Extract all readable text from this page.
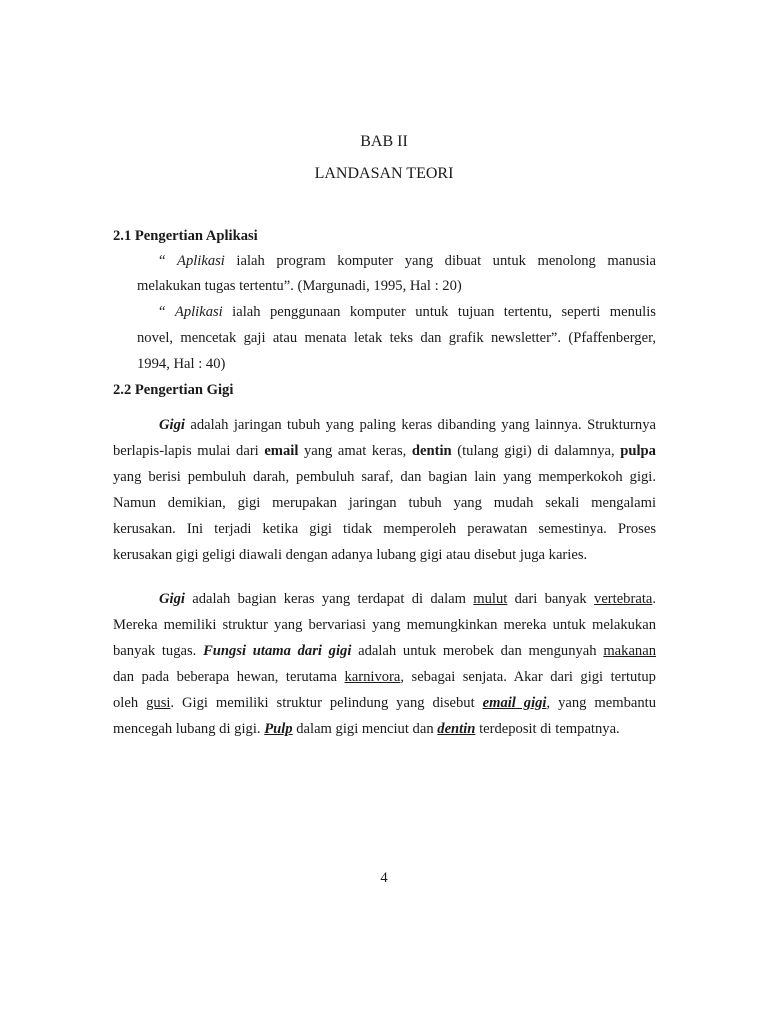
BAB II
LANDASAN TEORI
2.1 Pengertian Aplikasi
“ Aplikasi ialah program komputer yang dibuat untuk menolong manusia
melakukan tugas tertentu”. (Margunadi, 1995, Hal : 20)
“ Aplikasi ialah penggunaan komputer untuk tujuan tertentu, seperti menulis
novel, mencetak gaji atau menata letak teks dan grafik newsletter”. (Pfaffenberger,
1994, Hal : 40)
2.2 Pengertian Gigi
Gigi adalah jaringan tubuh yang paling keras dibanding yang lainnya. Strukturnya
berlapis-lapis mulai dari email yang amat keras, dentin (tulang gigi) di dalamnya, pulpa
yang berisi pembuluh darah, pembuluh saraf, dan bagian lain yang memperkokoh gigi.
Namun demikian, gigi merupakan jaringan tubuh yang mudah sekali mengalami
kerusakan. Ini terjadi ketika gigi tidak memperoleh perawatan semestinya. Proses
kerusakan gigi geligi diawali dengan adanya lubang gigi atau disebut juga karies.
Gigi adalah bagian keras yang terdapat di dalam mulut dari banyak vertebrata.
Mereka memiliki struktur yang bervariasi yang memungkinkan mereka untuk melakukan
banyak tugas. Fungsi utama dari gigi adalah untuk merobek dan mengunyah makanan
dan pada beberapa hewan, terutama karnivora, sebagai senjata. Akar dari gigi tertutup
oleh gusi. Gigi memiliki struktur pelindung yang disebut email gigi, yang membantu
mencegah lubang di gigi. Pulp dalam gigi menciut dan dentin terdeposit di tempatnya.
4
